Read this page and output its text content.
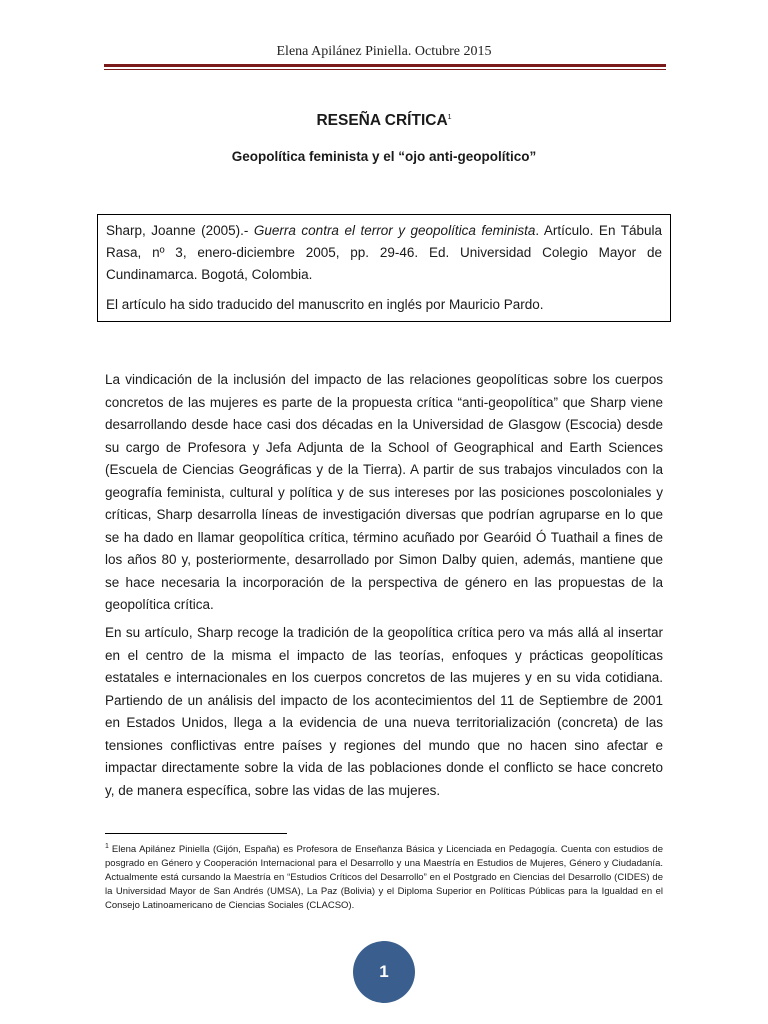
Elena Apilánez Piniella. Octubre 2015
RESEÑA CRÍTICA$^1$
Geopolítica feminista y el “ojo anti-geopolítico”

Sharp, Joanne (2005).- Guerra contra el terror y geopolítica feminista. Artículo. En Tábula Rasa, nº 3, enero-diciembre 2005, pp. 29-46. Ed. Universidad Colegio Mayor de Cundinamarca. Bogotá, Colombia.

El artículo ha sido traducido del manuscrito en inglés por Mauricio Pardo.

La vindicación de la inclusión del impacto de las relaciones geopolíticas sobre los cuerpos concretos de las mujeres es parte de la propuesta crítica “anti-geopolítica” que Sharp viene desarrollando desde hace casi dos décadas en la Universidad de Glasgow (Escocia) desde su cargo de Profesora y Jefa Adjunta de la School of Geographical and Earth Sciences (Escuela de Ciencias Geográficas y de la Tierra). A partir de sus trabajos vinculados con la geografía feminista, cultural y política y de sus intereses por las posiciones poscoloniales y críticas, Sharp desarrolla líneas de investigación diversas que podrían agruparse en lo que se ha dado en llamar geopolítica crítica, término acuñado por Gearóid Ó Tuathail a fines de los años 80 y, posteriormente, desarrollado por Simon Dalby quien, además, mantiene que se hace necesaria la incorporación de la perspectiva de género en las propuestas de la geopolítica crítica.

En su artículo, Sharp recoge la tradición de la geopolítica crítica pero va más allá al insertar en el centro de la misma el impacto de las teorías, enfoques y prácticas geopolíticas estatales e internacionales en los cuerpos concretos de las mujeres y en su vida cotidiana. Partiendo de un análisis del impacto de los acontecimientos del 11 de Septiembre de 2001 en Estados Unidos, llega a la evidencia de una nueva territorialización (concreta) de las tensiones conflictivas entre países y regiones del mundo que no hacen sino afectar e impactar directamente sobre la vida de las poblaciones donde el conflicto se hace concreto y, de manera específica, sobre las vidas de las mujeres.

$^1$ Elena Apilánez Piniella (Gijón, España) es Profesora de Enseñanza Básica y Licenciada en Pedagogía. Cuenta con estudios de posgrado en Género y Cooperación Internacional para el Desarrollo y una Maestría en Estudios de Mujeres, Género y Ciudadanía. Actualmente está cursando la Maestría en “Estudios Críticos del Desarrollo” en el Postgrado en Ciencias del Desarrollo (CIDES) de la Universidad Mayor de San Andrés (UMSA), La Paz (Bolivia) y el Diploma Superior en Políticas Públicas para la Igualdad en el Consejo Latinoamericano de Ciencias Sociales (CLACSO).

1
